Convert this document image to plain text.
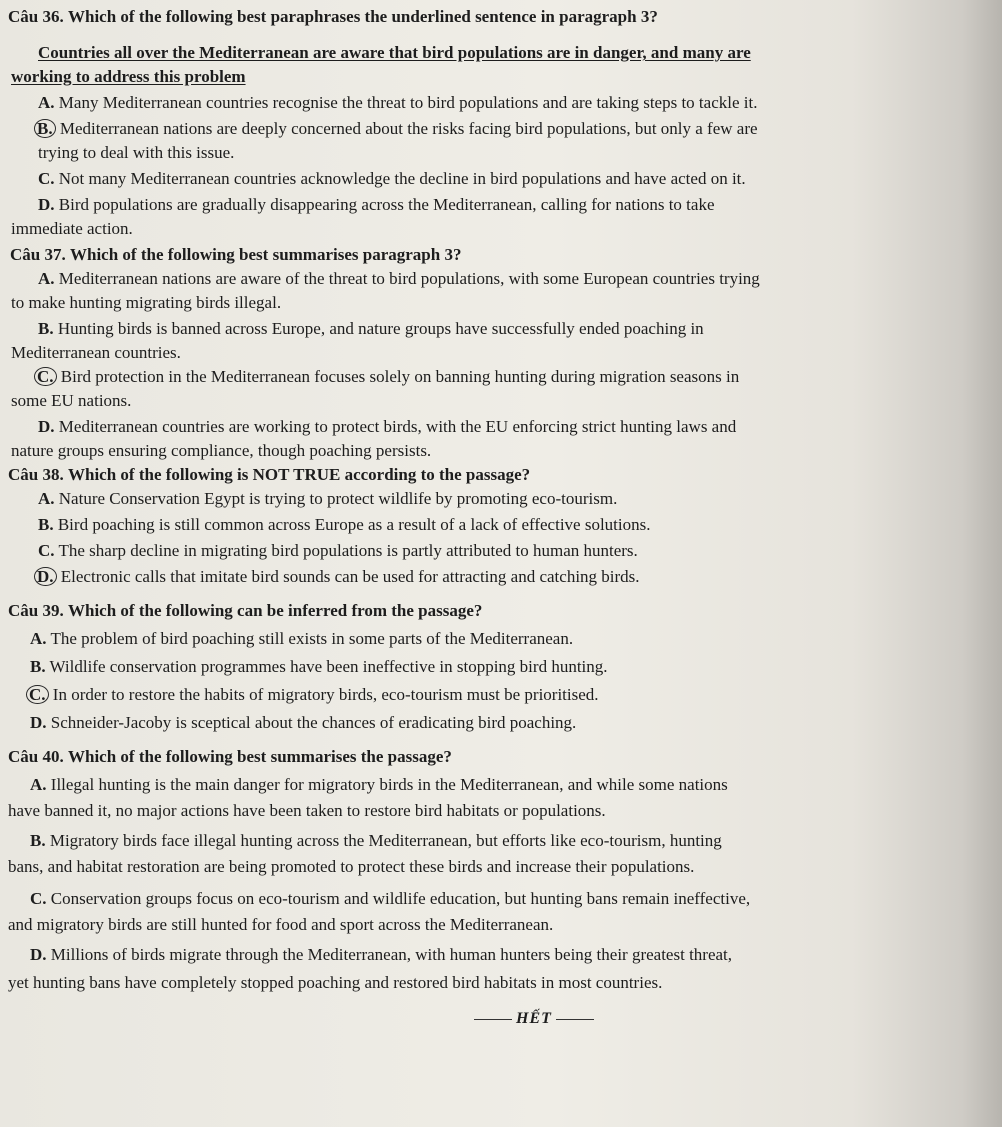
Câu 36. Which of the following best paraphrases the underlined sentence in paragraph 3?
Countries all over the Mediterranean are aware that bird populations are in danger, and many are
working to address this problem
A. Many Mediterranean countries recognise the threat to bird populations and are taking steps to tackle it.
B. Mediterranean nations are deeply concerned about the risks facing bird populations, but only a few are
trying to deal with this issue.
C. Not many Mediterranean countries acknowledge the decline in bird populations and have acted on it.
D. Bird populations are gradually disappearing across the Mediterranean, calling for nations to take
immediate action.
Câu 37. Which of the following best summarises paragraph 3?
A. Mediterranean nations are aware of the threat to bird populations, with some European countries trying
to make hunting migrating birds illegal.
B. Hunting birds is banned across Europe, and nature groups have successfully ended poaching in
Mediterranean countries.
C. Bird protection in the Mediterranean focuses solely on banning hunting during migration seasons in
some EU nations.
D. Mediterranean countries are working to protect birds, with the EU enforcing strict hunting laws and
nature groups ensuring compliance, though poaching persists.
Câu 38. Which of the following is NOT TRUE according to the passage?
A. Nature Conservation Egypt is trying to protect wildlife by promoting eco-tourism.
B. Bird poaching is still common across Europe as a result of a lack of effective solutions.
C. The sharp decline in migrating bird populations is partly attributed to human hunters.
D. Electronic calls that imitate bird sounds can be used for attracting and catching birds.
Câu 39. Which of the following can be inferred from the passage?
A. The problem of bird poaching still exists in some parts of the Mediterranean.
B. Wildlife conservation programmes have been ineffective in stopping bird hunting.
C. In order to restore the habits of migratory birds, eco-tourism must be prioritised.
D. Schneider-Jacoby is sceptical about the chances of eradicating bird poaching.
Câu 40. Which of the following best summarises the passage?
A. Illegal hunting is the main danger for migratory birds in the Mediterranean, and while some nations
have banned it, no major actions have been taken to restore bird habitats or populations.
B. Migratory birds face illegal hunting across the Mediterranean, but efforts like eco-tourism, hunting
bans, and habitat restoration are being promoted to protect these birds and increase their populations.
C. Conservation groups focus on eco-tourism and wildlife education, but hunting bans remain ineffective,
and migratory birds are still hunted for food and sport across the Mediterranean.
D. Millions of birds migrate through the Mediterranean, with human hunters being their greatest threat,
yet hunting bans have completely stopped poaching and restored bird habitats in most countries.
HẾT
